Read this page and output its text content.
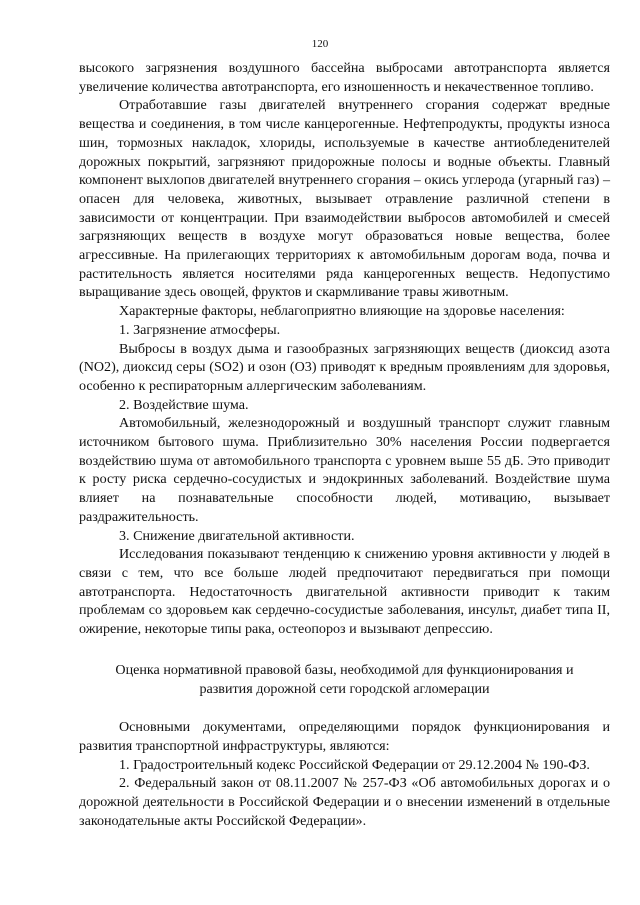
120

высокого загрязнения воздушного бассейна выбросами автотранспорта является увеличение количества автотранспорта, его изношенность и некачественное топливо.

Отработавшие газы двигателей внутреннего сгорания содержат вредные вещества и соединения, в том числе канцерогенные. Нефтепродукты, продукты износа шин, тормозных накладок, хлориды, используемые в качестве антиобледенителей дорожных покрытий, загрязняют придорожные полосы и водные объекты. Главный компонент выхлопов двигателей внутреннего сгорания – окись углерода (угарный газ) – опасен для человека, животных, вызывает отравление различной степени в зависимости от концентрации. При взаимодействии выбросов автомобилей и смесей загрязняющих веществ в воздухе могут образоваться новые вещества, более агрессивные. На прилегающих территориях к автомобильным дорогам вода, почва и растительность является носителями ряда канцерогенных веществ. Недопустимо выращивание здесь овощей, фруктов и скармливание травы животным.

Характерные факторы, неблагоприятно влияющие на здоровье населения:

1. Загрязнение атмосферы.

Выбросы в воздух дыма и газообразных загрязняющих веществ (диоксид азота (NO2), диоксид серы (SO2) и озон (O3) приводят к вредным проявлениям для здоровья, особенно к респираторным аллергическим заболеваниям.

2. Воздействие шума.

Автомобильный, железнодорожный и воздушный транспорт служит главным источником бытового шума. Приблизительно 30% населения России подвергается воздействию шума от автомобильного транспорта с уровнем выше 55 дБ. Это приводит к росту риска сердечно-сосудистых и эндокринных заболеваний. Воздействие шума влияет на познавательные способности людей, мотивацию, вызывает раздражительность.

3. Снижение двигательной активности.

Исследования показывают тенденцию к снижению уровня активности у людей в связи с тем, что все больше людей предпочитают передвигаться при помощи автотранспорта. Недостаточность двигательной активности приводит к таким проблемам со здоровьем как сердечно-сосудистые заболевания, инсульт, диабет типа II, ожирение, некоторые типы рака, остеопороз и вызывают депрессию.

Оценка нормативной правовой базы, необходимой для функционирования и развития дорожной сети городской агломерации

Основными документами, определяющими порядок функционирования и развития транспортной инфраструктуры, являются:

1. Градостроительный кодекс Российской Федерации от 29.12.2004 № 190-ФЗ.

2. Федеральный закон от 08.11.2007 № 257-ФЗ «Об автомобильных дорогах и о дорожной деятельности в Российской Федерации и о внесении изменений в отдельные законодательные акты Российской Федерации».
